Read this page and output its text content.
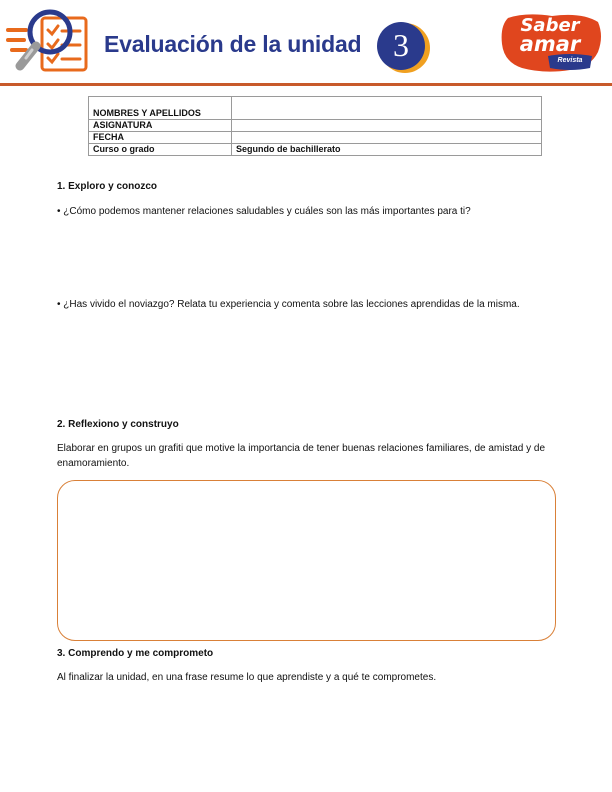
Evaluación de la unidad 3
Saber
amar
Revista
NOMBRES Y APELLIDOS	
ASIGNATURA	
FECHA	
Curso o grado	Segundo de bachillerato
1. Exploro y conozco
• ¿Cómo podemos mantener relaciones saludables y cuáles son las más importantes para ti?
• ¿Has vivido el noviazgo? Relata tu experiencia y comenta sobre las lecciones aprendidas de la misma.
2. Reflexiono y construyo
Elaborar en grupos un grafiti que motive la importancia de tener buenas relaciones familiares, de amistad y de enamoramiento.
3. Comprendo y me comprometo
Al finalizar la unidad, en una frase resume lo que aprendiste y a qué te comprometes.
